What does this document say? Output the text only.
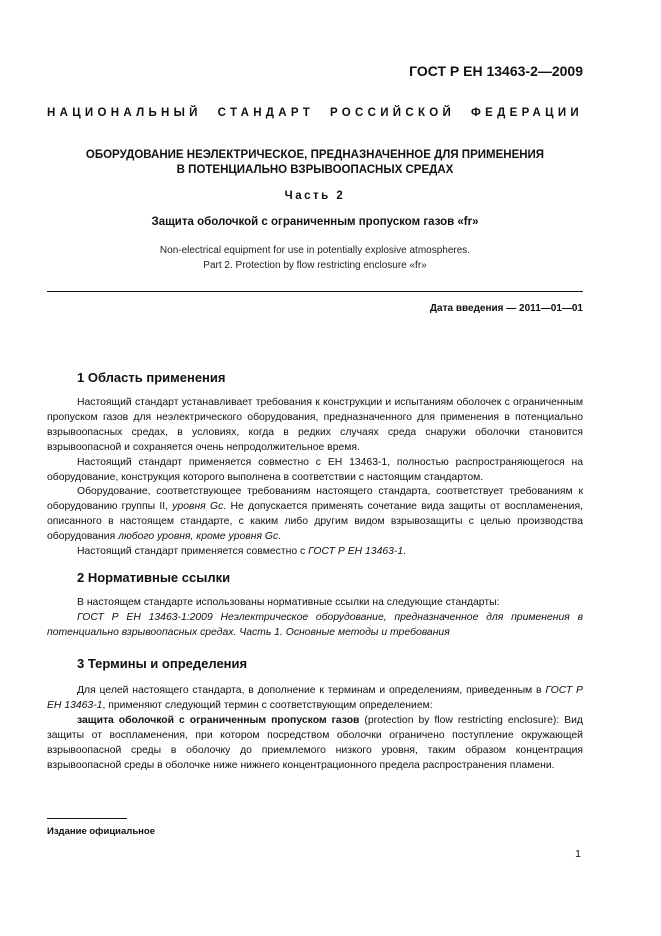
ГОСТ Р ЕН 13463-2—2009
НАЦИОНАЛЬНЫЙ СТАНДАРТ РОССИЙСКОЙ ФЕДЕРАЦИИ
ОБОРУДОВАНИЕ НЕЭЛЕКТРИЧЕСКОЕ, ПРЕДНАЗНАЧЕННОЕ ДЛЯ ПРИМЕНЕНИЯ
В ПОТЕНЦИАЛЬНО ВЗРЫВООПАСНЫХ СРЕДАХ
Часть 2
Защита оболочкой с ограниченным пропуском газов «fr»
Non-electrical equipment for use in potentially explosive atmospheres.
Part 2. Protection by flow restricting enclosure «fr»
Дата введения — 2011—01—01
1 Область применения

Настоящий стандарт устанавливает требования к конструкции и испытаниям оболочек с ограниченным пропуском газов для неэлектрического оборудования, предназначенного для применения в потенциально взрывоопасных средах, в условиях, когда в редких случаях среда снаружи оболочки становится взрывоопасной и сохраняется очень непродолжительное время.

Настоящий стандарт применяется совместно с ЕН 13463-1, полностью распространяющегося на оборудование, конструкция которого выполнена в соответствии с настоящим стандартом.

Оборудование, соответствующее требованиям настоящего стандарта, соответствует требованиям к оборудованию группы II, уровня Gc. Не допускается применять сочетание вида защиты от воспламенения, описанного в настоящем стандарте, с каким либо другим видом взрывозащиты с целью производства оборудования любого уровня, кроме уровня Gc.

Настоящий стандарт применяется совместно с ГОСТ Р ЕН 13463-1.

2 Нормативные ссылки

В настоящем стандарте использованы нормативные ссылки на следующие стандарты:

ГОСТ Р ЕН 13463-1:2009 Неэлектрическое оборудование, предназначенное для применения в потенциально взрывоопасных средах. Часть 1. Основные методы и требования

3 Термины и определения

Для целей настоящего стандарта, в дополнение к терминам и определениям, приведенным в ГОСТ Р ЕН 13463-1, применяют следующий термин с соответствующим определением:

защита оболочкой с ограниченным пропуском газов (protection by flow restricting enclosure): Вид защиты от воспламенения, при котором посредством оболочки ограничено поступление окружающей взрывоопасной среды в оболочку до приемлемого низкого уровня, таким образом концентрация взрывоопасной среды в оболочке ниже нижнего концентрационного предела распространения пламени.

Издание официальное
1
